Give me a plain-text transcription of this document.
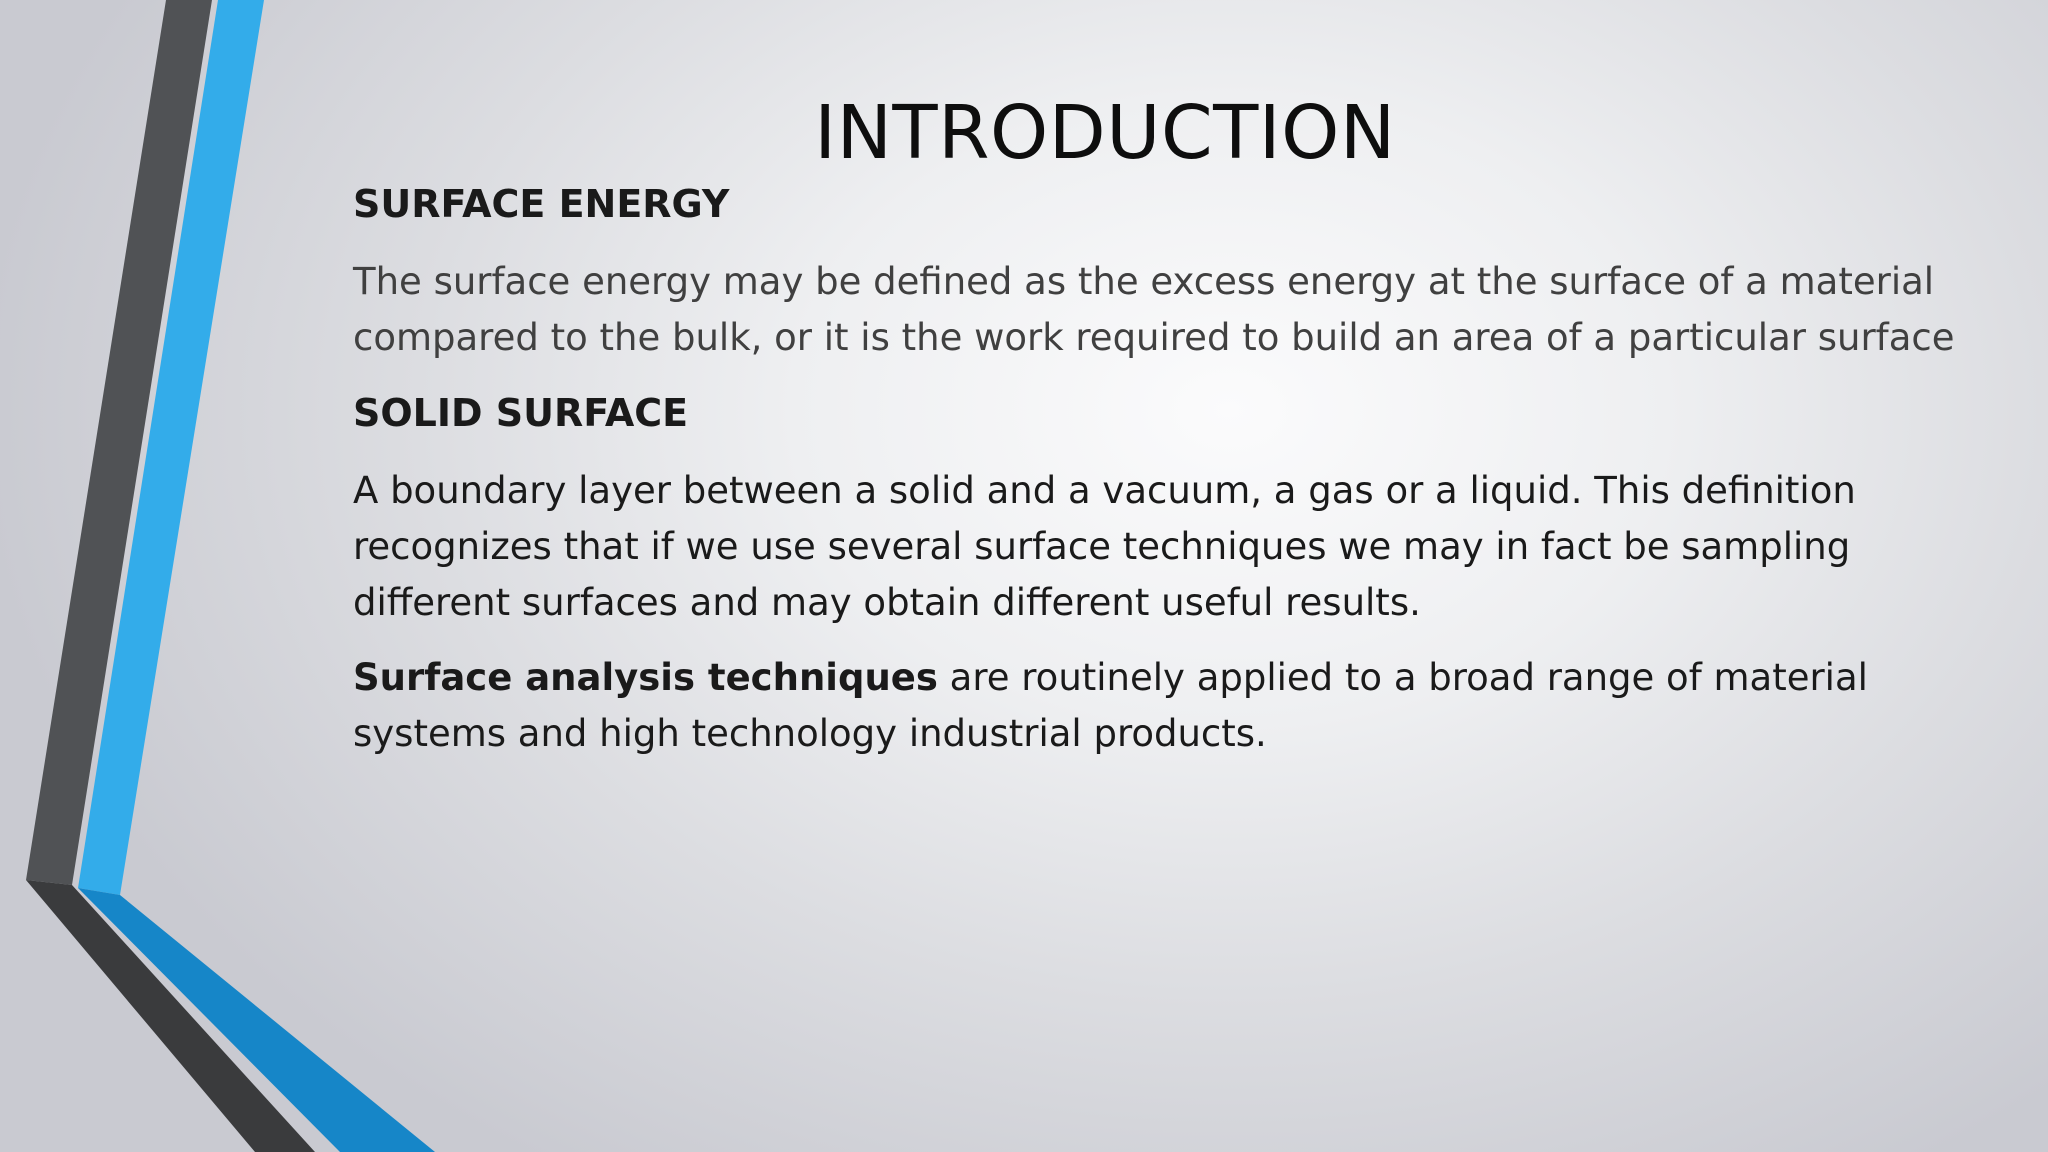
INTRODUCTION

SURFACE ENERGY

The surface energy may be defined as the excess energy at the surface of a material compared to the bulk, or it is the work required to build an area of a particular surface

SOLID SURFACE

A boundary layer between a solid and a vacuum, a gas or a liquid. This definition recognizes that if we use several surface techniques we may in fact be sampling different surfaces and may obtain different useful results.

Surface analysis techniques are routinely applied to a broad range of material systems and high technology industrial products.
